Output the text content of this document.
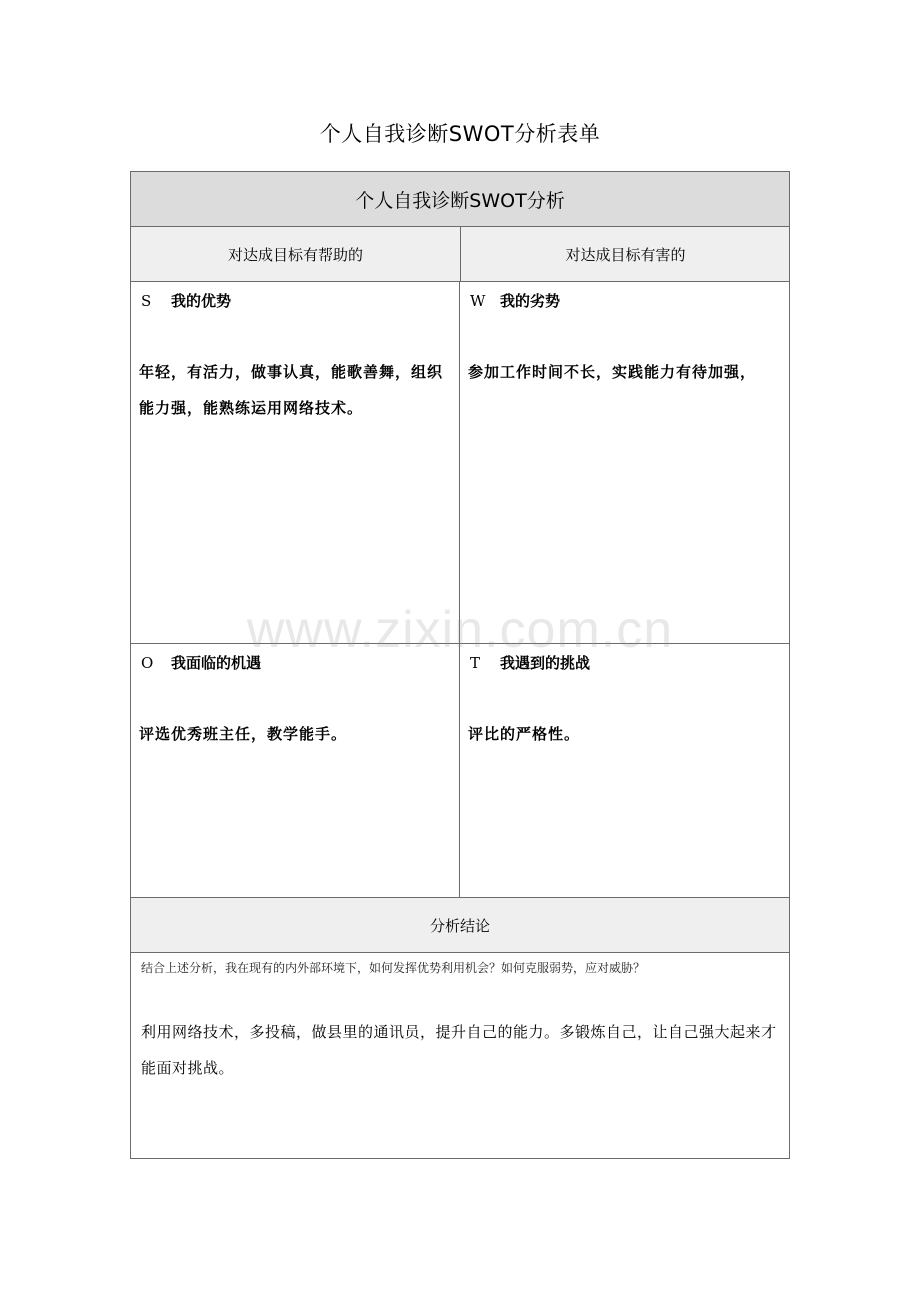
个人自我诊断SWOT分析表单
个人自我诊断SWOT分析
对达成目标有帮助的	对达成目标有害的
S 我的优势
年轻，有活力，做事认真，能歌善舞，组织能力强，能熟练运用网络技术。
W 我的劣势
参加工作时间不长，实践能力有待加强，
O 我面临的机遇
评选优秀班主任，教学能手。
T 我遇到的挑战
评比的严格性。
分析结论
结合上述分析，我在现有的内外部环境下，如何发挥优势利用机会？如何克服弱势，应对威胁？
利用网络技术，多投稿，做县里的通讯员，提升自己的能力。多锻炼自己，让自己强大起来才能面对挑战。
www.zixin.com.cn
